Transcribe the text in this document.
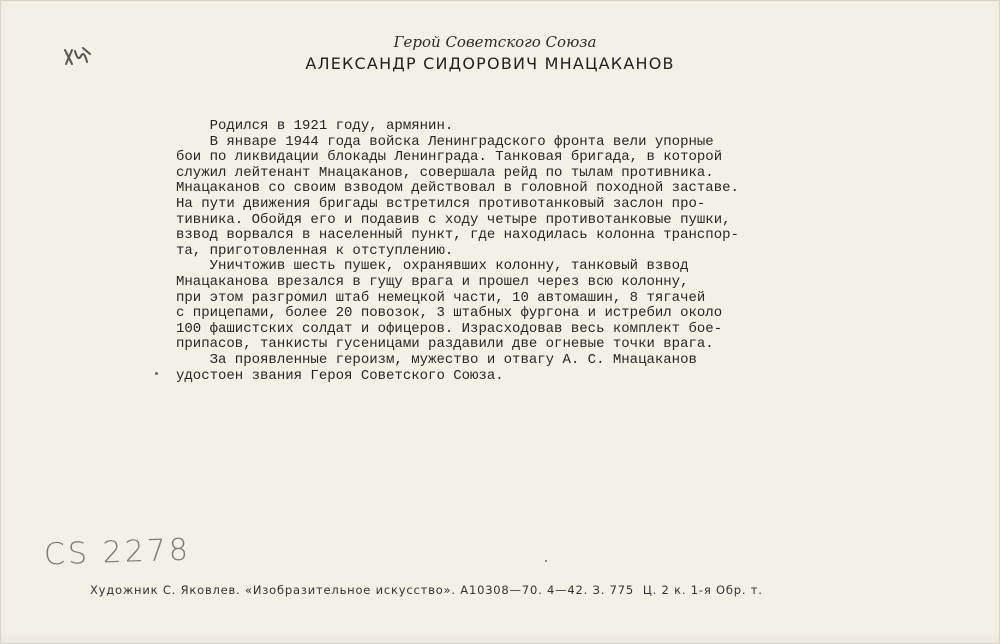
Герой Советского Союза
АЛЕКСАНДР СИДОРОВИЧ МНАЦАКАНОВ

Родился в 1921 году, армянин.

В январе 1944 года войска Ленинградского фронта вели упорные

бои по ликвидации блокады Ленинграда. Танковая бригада, в которой

служил лейтенант Мнацаканов, совершала рейд по тылам противника.

Мнацаканов со своим взводом действовал в головной походной заставе.

На пути движения бригады встретился противотанковый заслон про-

тивника. Обойдя его и подавив с ходу четыре противотанковые пушки,

взвод ворвался в населенный пункт, где находилась колонна транспор-

та, приготовленная к отступлению.

Уничтожив шесть пушек, охранявших колонну, танковый взвод

Мнацаканова врезался в гущу врага и прошел через всю колонну,

при этом разгромил штаб немецкой части, 10 автомашин, 8 тягачей

с прицепами, более 20 повозок, 3 штабных фургона и истребил около

100 фашистских солдат и офицеров. Израсходовав весь комплект бое-

припасов, танкисты гусеницами раздавили две огневые точки врага.

За проявленные героизм, мужество и отвагу А. С. Мнацаканов

удостоен звания Героя Советского Союза.

CS 2278
Художник С. Яковлев. «Изобразительное искусство». А10308—70. 4—42. З. 775  Ц. 2 к. 1-я Обр. т.
